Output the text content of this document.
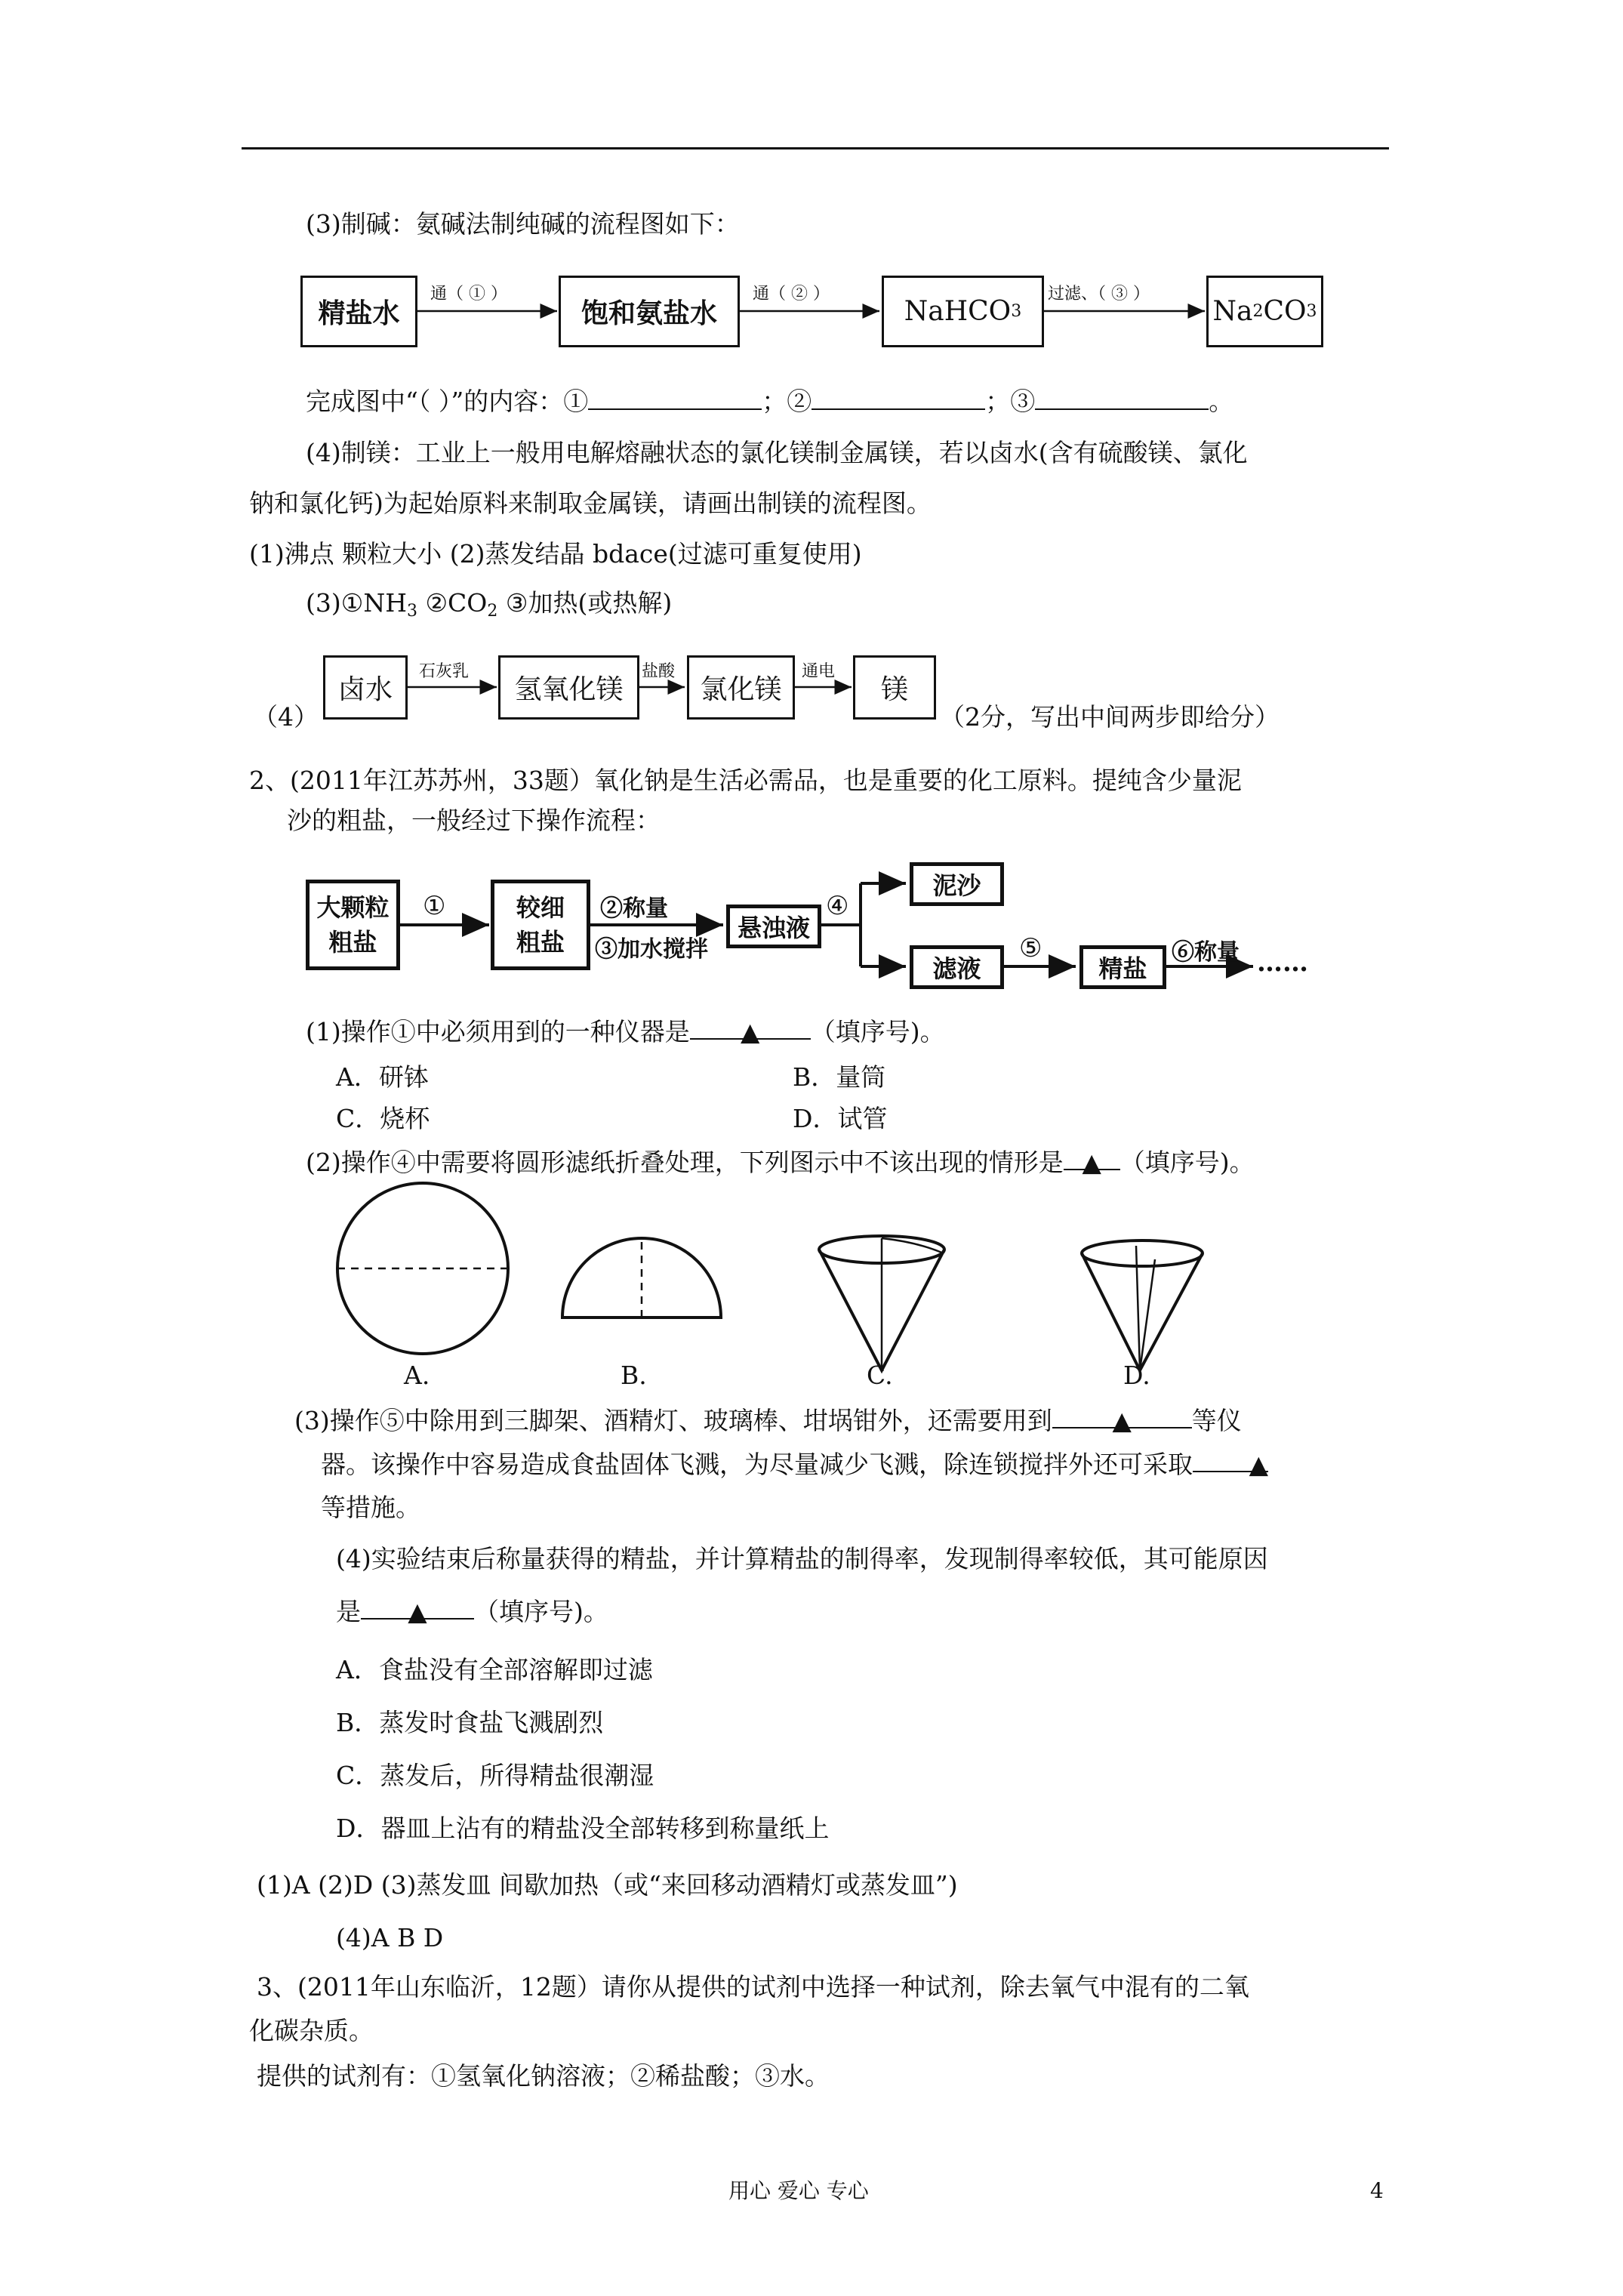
(3)制碱：氨碱法制纯碱的流程图如下：
精盐水	饱和氨盐水	NaHCO 3	Na 2 CO 3
通（ ① ）	通（ ② ）	过滤、（ ③ ）
完成图中“（ ）”的内容：①	；②	；③	。
(4)制镁：工业上一般用电解熔融状态的氯化镁制金属镁，若以卤水(含有硫酸镁、氯化
钠和氯化钙)为起始原料来制取金属镁，请画出制镁的流程图。
(1)沸点 颗粒大小 (2)蒸发结晶 bdace(过滤可重复使用)
$(3)①NH_3$ $②CO_2$ ③加热(或热解)
（4）
卤水	氢氧化镁	氯化镁	镁
石灰乳	盐酸	通电
（2分，写出中间两步即给分）
2、(2011年江苏苏州，33题）氧化钠是生活必需品，也是重要的化工原料。提纯含少量泥
沙的粗盐，一般经过下操作流程：
大颗粒
粗盐
较细
粗盐	悬浊液
泥沙
滤液	精盐
①	②称量
③加水搅拌
④
⑤	⑥称量 ……
(1)操作①中必须用到的一种仪器是 ▲ （填序号)。
A．研钵	B．量筒
C．烧杯	D．试管
(2)操作④中需要将圆形滤纸折叠处理，下列图示中不该出现的情形是 ▲ （填序号)。
A.	B.	C.	D.
(3)操作⑤中除用到三脚架、酒精灯、玻璃棒、坩埚钳外，还需要用到 ▲ 等仪
器。该操作中容易造成食盐固体飞溅，为尽量减少飞溅，除连锁搅拌外还可采取 ▲
等措施。
(4)实验结束后称量获得的精盐，并计算精盐的制得率，发现制得率较低，其可能原因
是 ▲ （填序号)。
A．食盐没有全部溶解即过滤
B．蒸发时食盐飞溅剧烈
C．蒸发后，所得精盐很潮湿
D．器皿上沾有的精盐没全部转移到称量纸上
(1)A (2)D (3)蒸发皿 间歇加热（或“来回移动酒精灯或蒸发皿”)
(4)A B D
3、(2011年山东临沂，12题）请你从提供的试剂中选择一种试剂，除去氧气中混有的二氧
化碳杂质。
提供的试剂有：①氢氧化钠溶液；②稀盐酸；③水。
用心 爱心 专心	4
